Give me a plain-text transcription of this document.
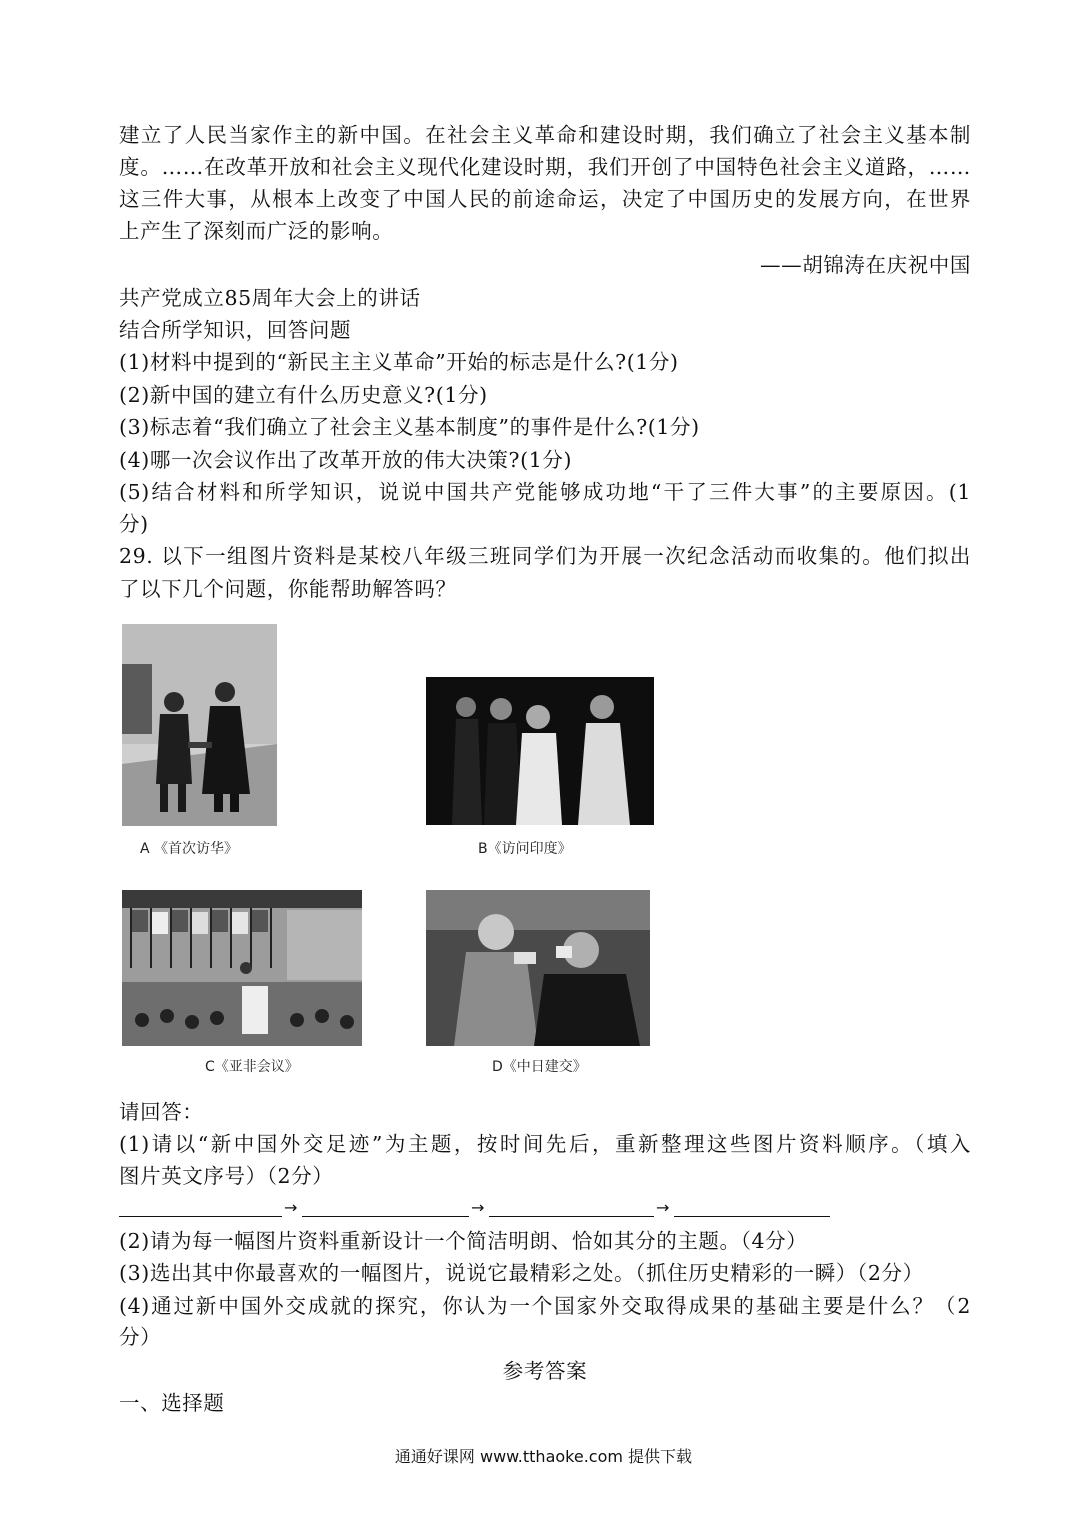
建立了人民当家作主的新中国。在社会主义革命和建设时期，我们确立了社会主义基本制
度。……在改革开放和社会主义现代化建设时期，我们开创了中国特色社会主义道路，……
这三件大事，从根本上改变了中国人民的前途命运，决定了中国历史的发展方向，在世界
上产生了深刻而广泛的影响。
——胡锦涛在庆祝中国
共产党成立85周年大会上的讲话
结合所学知识，回答问题
(1)材料中提到的“新民主主义革命”开始的标志是什么?(1分)
(2)新中国的建立有什么历史意义?(1分)
(3)标志着“我们确立了社会主义基本制度”的事件是什么?(1分)
(4)哪一次会议作出了改革开放的伟大决策?(1分)
(5)结合材料和所学知识，说说中国共产党能够成功地“干了三件大事”的主要原因。(1
分)
29. 以下一组图片资料是某校八年级三班同学们为开展一次纪念活动而收集的。他们拟出
了以下几个问题，你能帮助解答吗？
A 《首次访华》	B《访问印度》
C《亚非会议》	D《中日建交》
请回答：
(1)请以“新中国外交足迹”为主题，按时间先后，重新整理这些图片资料顺序。（填入
图片英文序号）（2分）
→	→	→
(2)请为每一幅图片资料重新设计一个简洁明朗、恰如其分的主题。（4分）
(3)选出其中你最喜欢的一幅图片，说说它最精彩之处。（抓住历史精彩的一瞬）（2分）
(4)通过新中国外交成就的探究，你认为一个国家外交取得成果的基础主要是什么？（2
分）
参考答案
一、选择题
通通好课网 www.tthaoke.com 提供下载
